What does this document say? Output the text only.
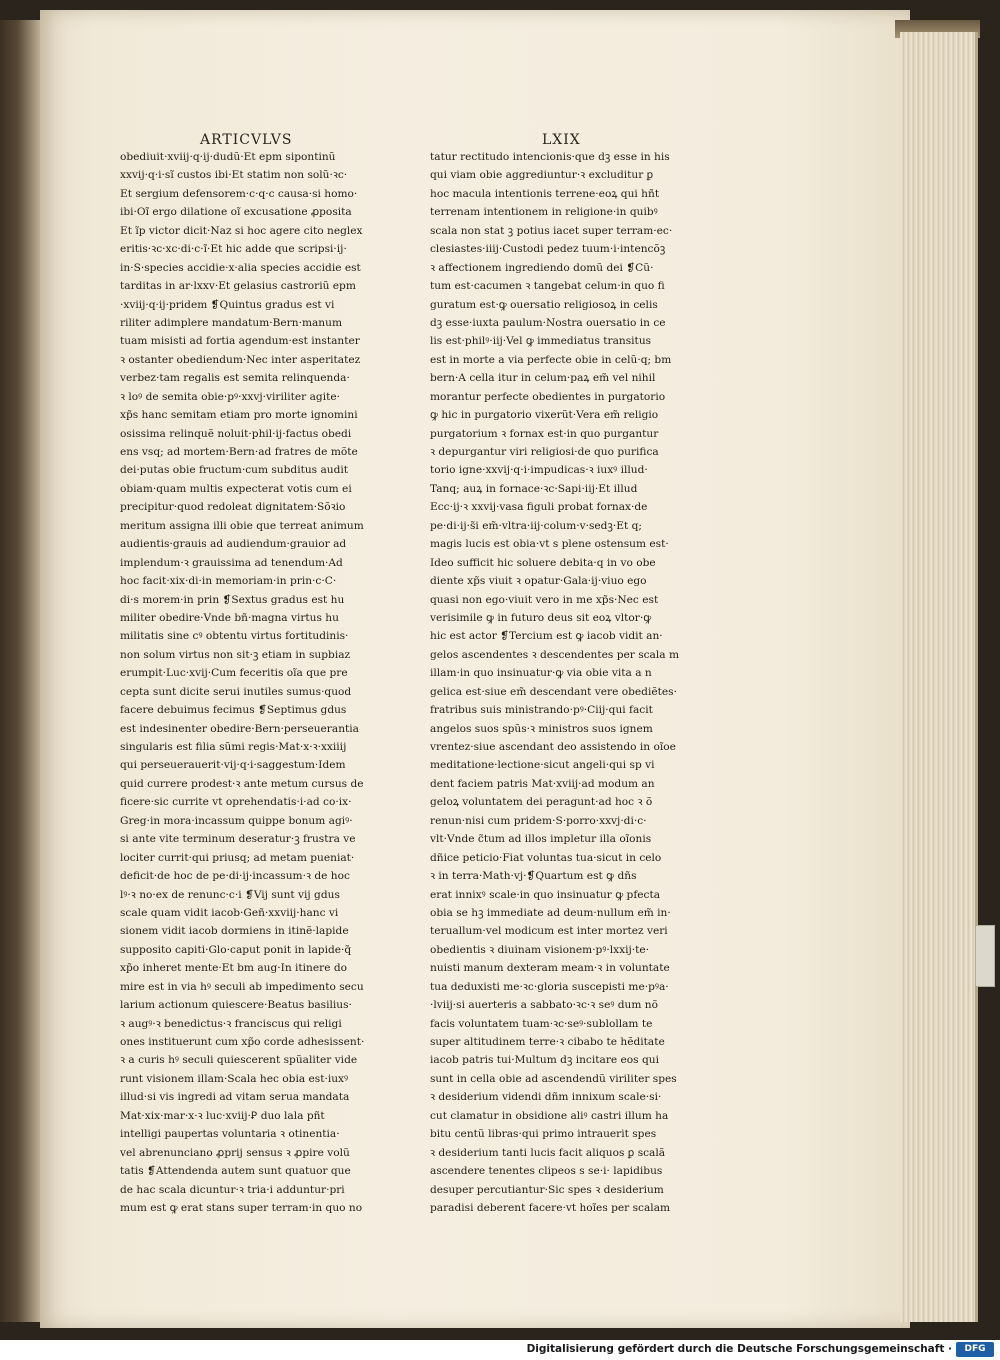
ARTICVLVS	LXIX
obediuit·xviij·q·ij·dudũ·Et epm sipontinũ
xxvij·q·i·sĩ custos ibi·Et statim non solũ·ꝛc·
Et sergium defensorem·c·q·c causa·si homo·
ibi·Oĩ ergo dilatione oĩ excusatione ꝓposita
Et ĩp victor dicit·Naz si hoc agere cito neglex
eritis·ꝛc·xc·di·c·ĩ·Et hic adde que scripsi·ij·
in·S·species accidie·x·alia species accidie est
tarditas in ar·lxxv·Et gelasius castroriũ epm
·xviij·q·ij·pridem ❡Quintus gradus est vi
riliter adimplere mandatum·Bern·manum
tuam misisti ad fortia agendum·est instanter
ꝛ ostanter obediendum·Nec inter asperitatez
verbez·tam regalis est semita relinquenda·
ꝛ loꝰ de semita obie·pꝰ·xxvj·viriliter agite·
xp̃s hanc semitam etiam pro morte ignomini
osissima relinquẽ noluit·phil·ij·factus obedi
ens vsq; ad mortem·Bern·ad fratres de mõte
dei·putas obie fructum·cum subditus audit
obiam·quam multis expecterat votis cum ei
precipitur·quod redoleat dignitatem·Sõꝛio
meritum assigna illi obie que terreat animum
audientis·grauis ad audiendum·grauior ad
implendum·ꝛ grauissima ad tenendum·Ad
hoc facit·xix·di·in memoriam·in prin·c·C·
di·s morem·in prin ❡Sextus gradus est hu
militer obedire·Vnde bñ·magna virtus hu
militatis sine cꝰ obtentu virtus fortitudinis·
non solum virtus non sit·ꝫ etiam in supbiaz
erumpit·Luc·xvij·Cum feceritis oĩa que pre
cepta sunt dicite serui inutiles sumus·quod
facere debuimus fecimus ❡Septimus gdus
est indesinenter obedire·Bern·perseuerantia
singularis est filia sũmi regis·Mat·x·ꝛ·xxiiij
qui perseuerauerit·vij·q·i·saggestum·Idem
quid currere prodest·ꝛ ante metum cursus de
ficere·sic currite vt oprehendatis·i·ad co·ix·
Greg·in mora·incassum quippe bonum agiꝰ·
si ante vite terminum deseratur·ꝫ frustra ve
lociter currit·qui priusq; ad metam pueniat·
deficit·de hoc de pe·di·ij·incassum·ꝛ de hoc
lꝰ·ꝛ no·ex de renunc·c·i ❡Vij sunt vij gdus
scale quam vidit iacob·Geñ·xxviij·hanc vi
sionem vidit iacob dormiens in itinẽ·lapide
supposito capiti·Glo·caput ponit in lapide·q̃
xp̃o inheret mente·Et bm aug·In itinere do
mire est in via hꝰ seculi ab impedimento secu
larium actionum quiescere·Beatus basilius·
ꝛ augꝰ·ꝛ benedictus·ꝛ franciscus qui religi
ones instituerunt cum xp̃o corde adhesissent·
ꝛ a curis hꝰ seculi quiescerent spũaliter vide
runt visionem illam·Scala hec obia est·iuxꝰ
illud·si vis ingredi ad vitam serua mandata
Mat·xix·mar·x·ꝛ luc·xviij·Ꝑ duo lala pñt
intelligi paupertas voluntaria ꝛ otinentia·
vel abrenunciano ꝓprij sensus ꝛ ꝓpire volũ
tatis ❡Attendenda autem sunt quatuor que
de hac scala dicuntur·ꝛ tria·i adduntur·pri
mum est ꝙ erat stans super terram·in quo no
tatur rectitudo intencionis·que dꝫ esse in his
qui viam obie aggrediuntur·ꝛ excluditur ꝑ
hoc macula intentionis terrene·eoꝝ qui hñt
terrenam intentionem in religione·in quibꝰ
scala non stat ꝫ potius iacet super terram·ec·
clesiastes·iiij·Custodi pedez tuum·i·intencõꝫ
ꝛ affectionem ingrediendo domũ dei ❡Cũ·
tum est·cacumen ꝛ tangebat celum·in quo fi
guratum est·ꝙ ouersatio religiosoꝝ in celis
dꝫ esse·iuxta paulum·Nostra ouersatio in ce
lis est·philꝰ·iij·Vel ꝙ immediatus transitus
est in morte a via perfecte obie in celũ·q; bm
bern·A cella itur in celum·paꝝ em̃ vel nihil
morantur perfecte obedientes in purgatorio
ꝙ hic in purgatorio vixerũt·Vera em̃ religio
purgatorium ꝛ fornax est·in quo purgantur
ꝛ depurgantur viri religiosi·de quo purifica
torio igne·xxvij·q·i·impudicas·ꝛ iuxꝰ illud·
Tanq; auꝝ in fornace·ꝛc·Sapi·iij·Et illud
Ecc·ij·ꝛ xxvij·vasa figuli probat fornax·de
pe·di·ij·s̃i em̃·vltra·iij·colum·v·sedꝫ·Et q;
magis lucis est obia·vt s plene ostensum est·
Ideo sufficit hic soluere debita·q in vo obe
diente xp̃s viuit ꝛ opatur·Gala·ij·viuo ego
quasi non ego·viuit vero in me xp̃s·Nec est
verisimile ꝙ in futuro deus sit eoꝝ vltor·ꝙ
hic est actor ❡Tercium est ꝙ iacob vidit an·
gelos ascendentes ꝛ descendentes per scala m
illam·in quo insinuatur·ꝙ via obie vita a n
gelica est·siue em̃ descendant vere obediẽtes·
fratribus suis ministrando·pꝰ·Ciij·qui facit
angelos suos spũs·ꝛ ministros suos ignem
vrentez·siue ascendant deo assistendo in oĩoe
meditatione·lectione·sicut angeli·qui sp vi
dent faciem patris Mat·xviij·ad modum an
geloꝝ voluntatem dei peragunt·ad hoc ꝛ õ
renun·nisi cum pridem·S·porro·xxvj·di·c·
vlt·Vnde c̃tum ad illos impletur illa oĩonis
dñice peticio·Fiat voluntas tua·sicut in celo
ꝛ in terra·Math·vj·❡Quartum est ꝙ dñs
erat innixꝰ scale·in quo insinuatur ꝙ pfecta
obia se hꝫ immediate ad deum·nullum em̃ in·
teruallum·vel modicum est inter mortez veri
obedientis ꝛ diuinam visionem·pꝰ·lxxij·te·
nuisti manum dexteram meam·ꝛ in voluntate
tua deduxisti me·ꝛc·gloria suscepisti me·pꝰa·
·lviij·si auerteris a sabbato·ꝛc·ꝛ seꝰ dum nõ
facis voluntatem tuam·ꝛc·seꝰ·sublollam te
super altitudinem terre·ꝛ cibabo te hẽditate
iacob patris tui·Multum dꝫ incitare eos qui
sunt in cella obie ad ascendendũ viriliter spes
ꝛ desiderium videndi dñm innixum scale·si·
cut clamatur in obsidione aliꝰ castri illum ha
bitu centũ libras·qui primo intrauerit spes
ꝛ desiderium tanti lucis facit aliquos ꝑ scalã
ascendere tenentes clipeos s se·i· lapidibus
desuper percutiantur·Sic spes ꝛ desiderium
paradisi deberent facere·vt hoĩes per scalam
Digitalisierung gefördert durch die Deutsche Forschungsgemeinschaft ·	DFG
